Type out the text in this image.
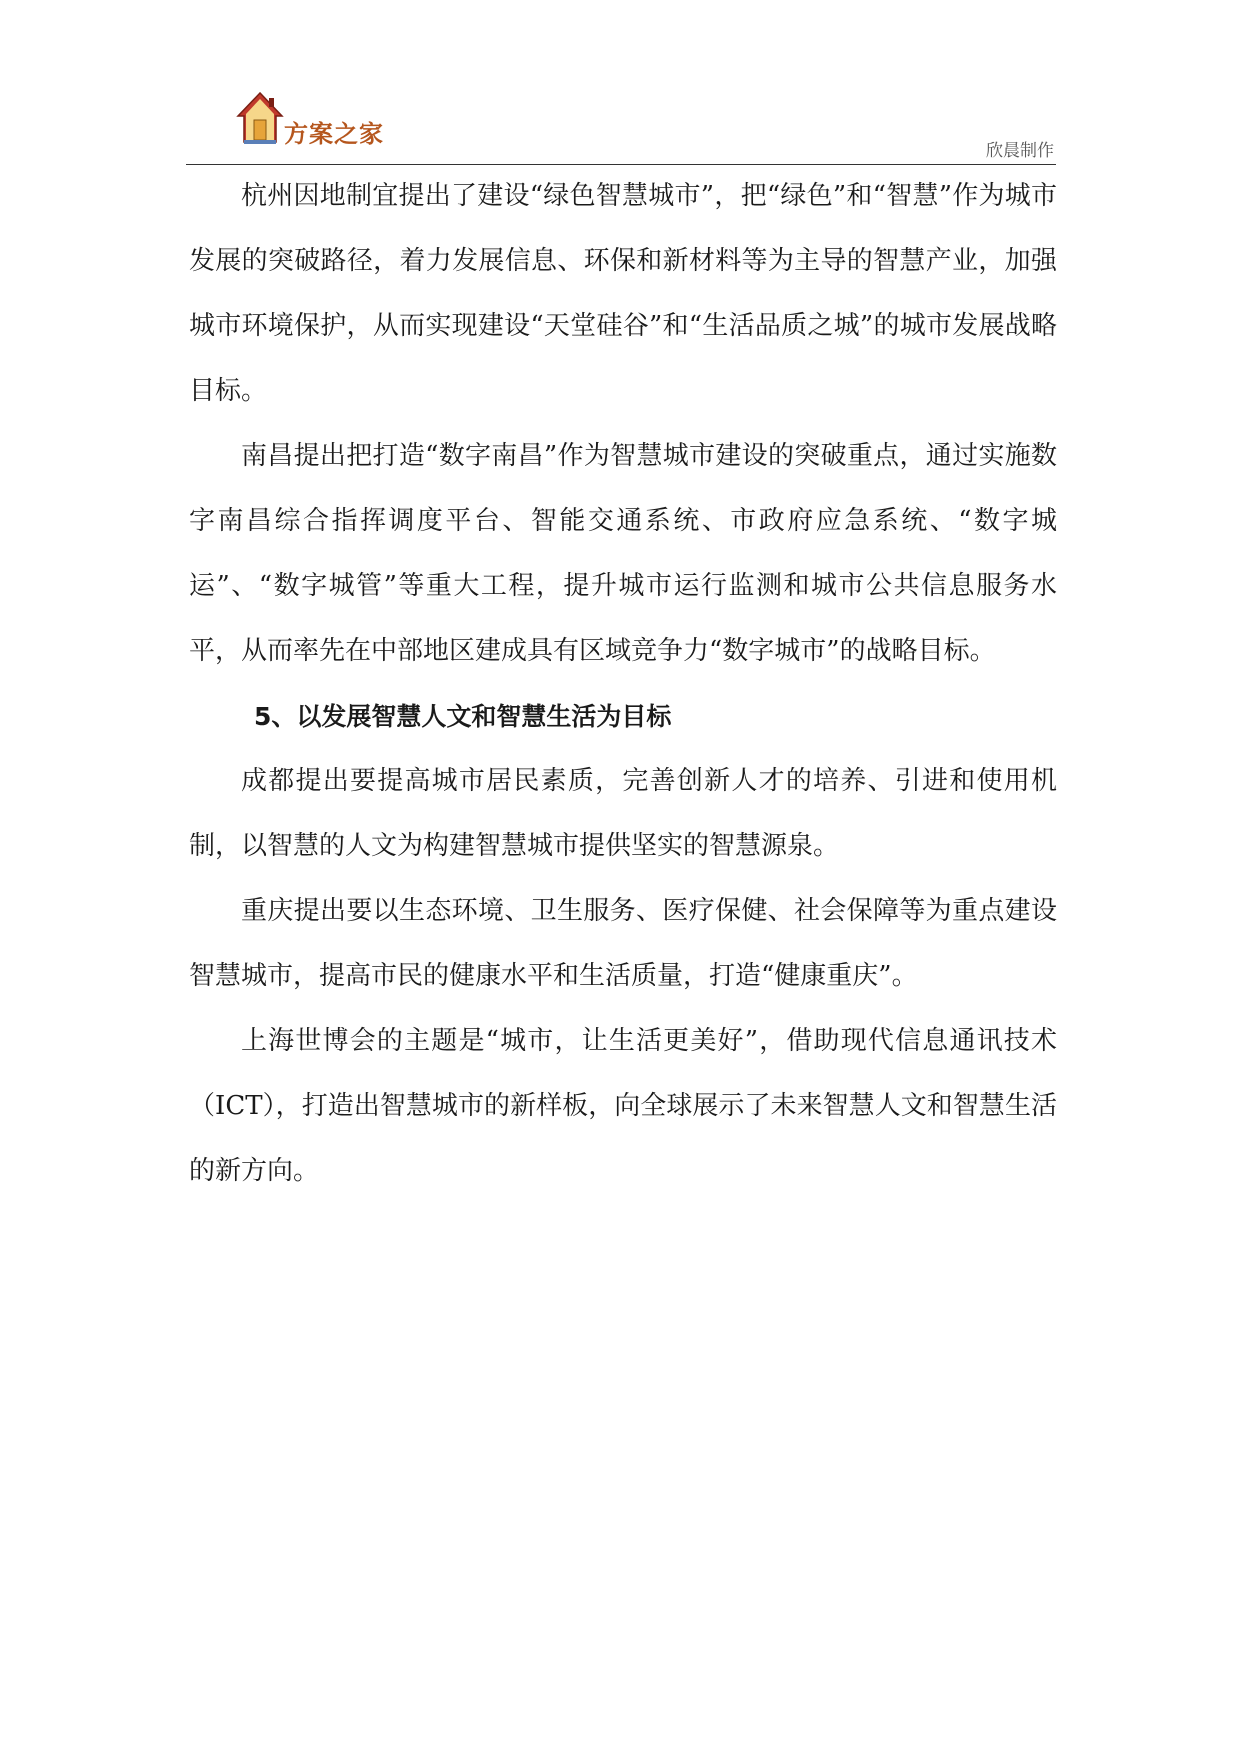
方案之家
欣晨制作

杭州因地制宜提出了建设“绿色智慧城市”，把“绿色”和“智慧”作为城市发展的突破路径，着力发展信息、环保和新材料等为主导的智慧产业，加强城市环境保护，从而实现建设“天堂硅谷”和“生活品质之城”的城市发展战略目标。

南昌提出把打造“数字南昌”作为智慧城市建设的突破重点，通过实施数字南昌综合指挥调度平台、智能交通系统、市政府应急系统、“数字城运”、“数字城管”等重大工程，提升城市运行监测和城市公共信息服务水平，从而率先在中部地区建成具有区域竞争力“数字城市”的战略目标。

5、以发展智慧人文和智慧生活为目标

成都提出要提高城市居民素质，完善创新人才的培养、引进和使用机制，以智慧的人文为构建智慧城市提供坚实的智慧源泉。

重庆提出要以生态环境、卫生服务、医疗保健、社会保障等为重点建设智慧城市，提高市民的健康水平和生活质量，打造“健康重庆”。

上海世博会的主题是“城市，让生活更美好”，借助现代信息通讯技术（ICT），打造出智慧城市的新样板，向全球展示了未来智慧人文和智慧生活的新方向。
